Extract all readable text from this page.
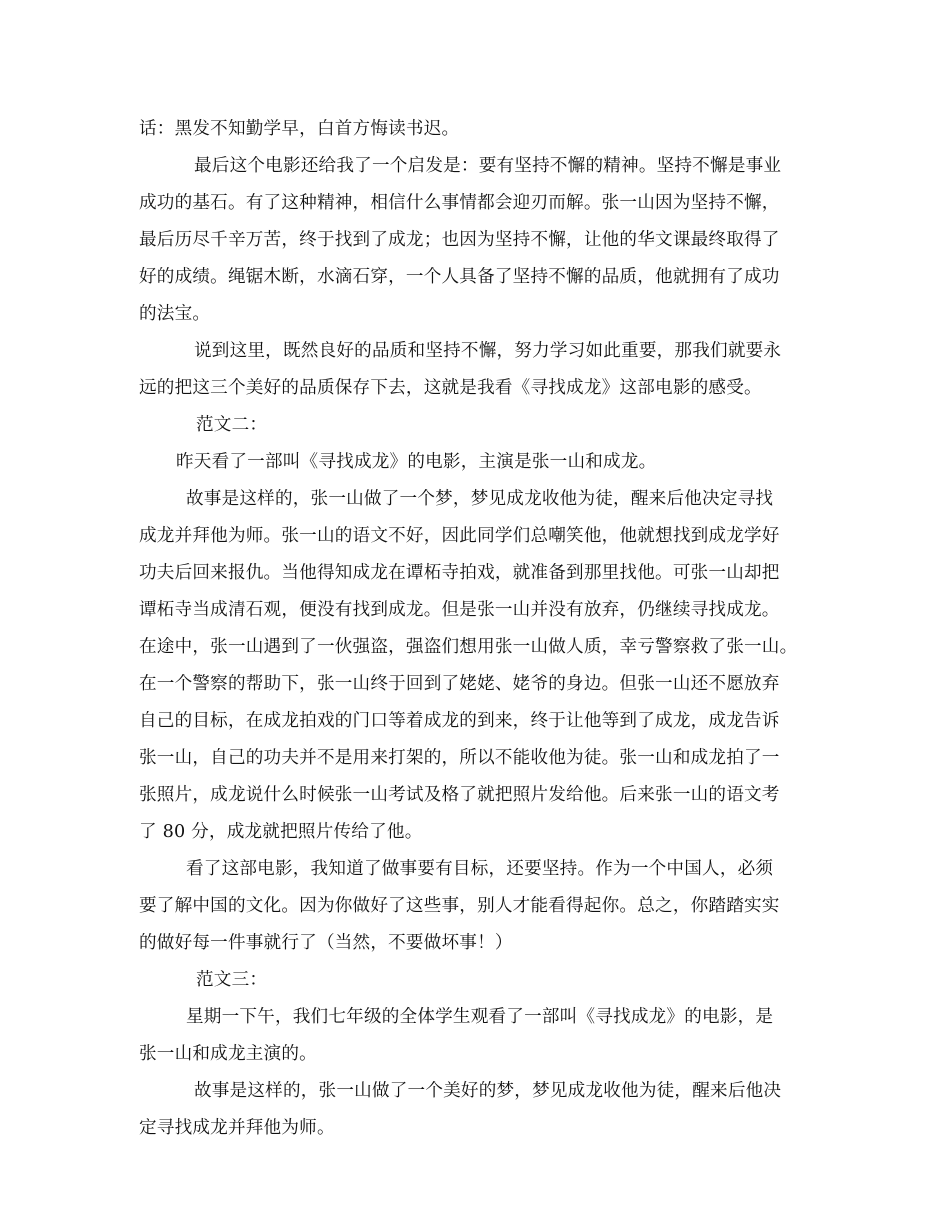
话：黑发不知勤学早，白首方悔读书迟。
最后这个电影还给我了一个启发是：要有坚持不懈的精神。坚持不懈是事业
成功的基石。有了这种精神，相信什么事情都会迎刃而解。张一山因为坚持不懈，
最后历尽千辛万苦，终于找到了成龙；也因为坚持不懈，让他的华文课最终取得了
好的成绩。绳锯木断，水滴石穿，一个人具备了坚持不懈的品质，他就拥有了成功
的法宝。
说到这里，既然良好的品质和坚持不懈，努力学习如此重要，那我们就要永
远的把这三个美好的品质保存下去，这就是我看《寻找成龙》这部电影的感受。
范文二：
昨天看了一部叫《寻找成龙》的电影，主演是张一山和成龙。
故事是这样的，张一山做了一个梦，梦见成龙收他为徒，醒来后他决定寻找
成龙并拜他为师。张一山的语文不好，因此同学们总嘲笑他，他就想找到成龙学好
功夫后回来报仇。当他得知成龙在谭柘寺拍戏，就准备到那里找他。可张一山却把
谭柘寺当成清石观，便没有找到成龙。但是张一山并没有放弃，仍继续寻找成龙。
在途中，张一山遇到了一伙强盗，强盗们想用张一山做人质，幸亏警察救了张一山。
在一个警察的帮助下，张一山终于回到了姥姥、姥爷的身边。但张一山还不愿放弃
自己的目标，在成龙拍戏的门口等着成龙的到来，终于让他等到了成龙，成龙告诉
张一山，自己的功夫并不是用来打架的，所以不能收他为徒。张一山和成龙拍了一
张照片，成龙说什么时候张一山考试及格了就把照片发给他。后来张一山的语文考
了 80 分，成龙就把照片传给了他。
看了这部电影，我知道了做事要有目标，还要坚持。作为一个中国人，必须
要了解中国的文化。因为你做好了这些事，别人才能看得起你。总之，你踏踏实实
的做好每一件事就行了（当然，不要做坏事！）
范文三：
星期一下午，我们七年级的全体学生观看了一部叫《寻找成龙》的电影，是
张一山和成龙主演的。
故事是这样的，张一山做了一个美好的梦，梦见成龙收他为徒，醒来后他决
定寻找成龙并拜他为师。
